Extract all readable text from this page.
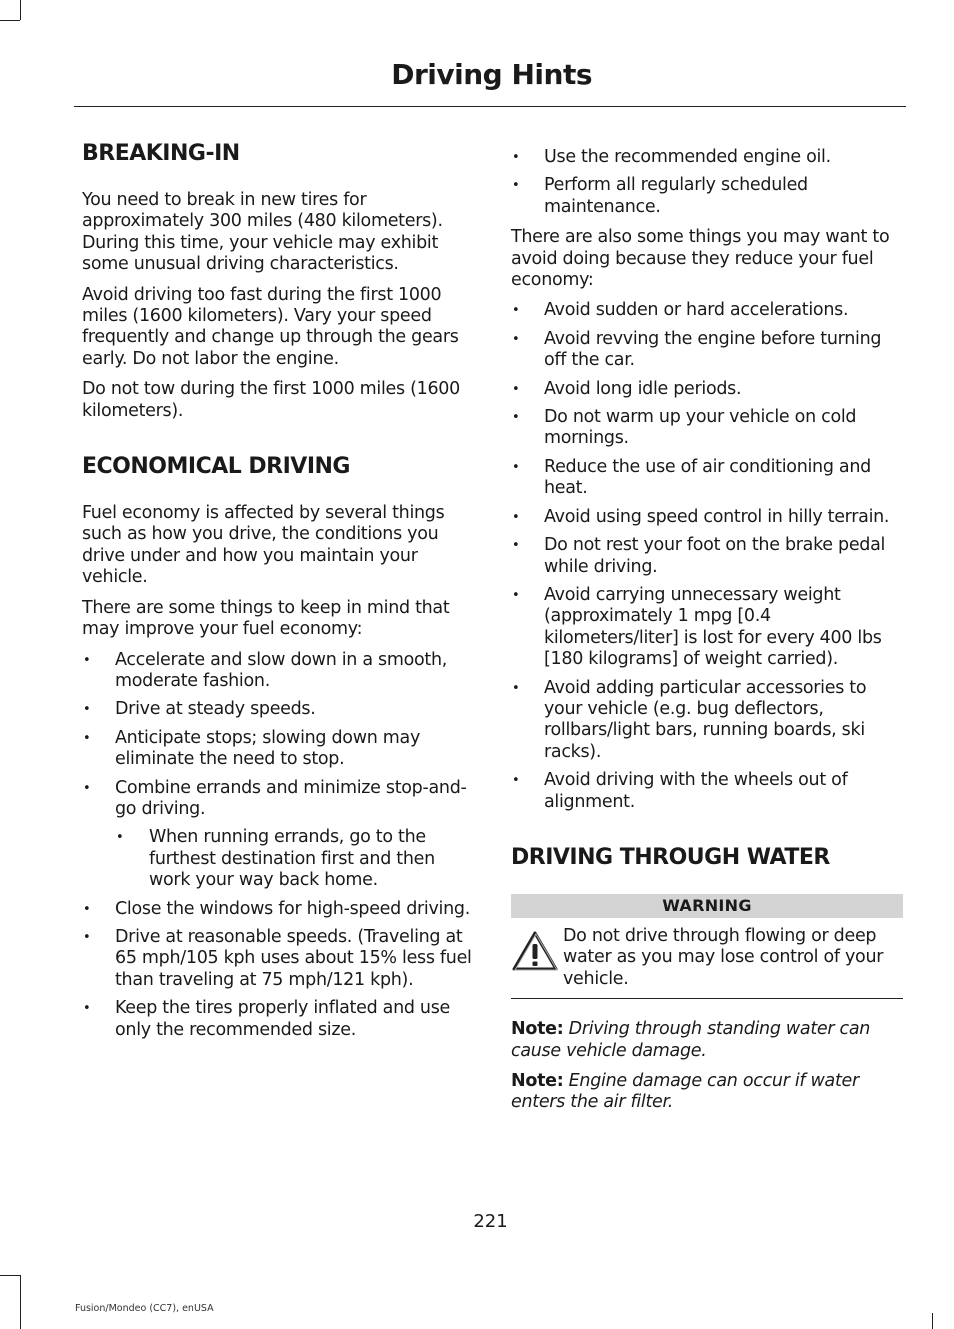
Driving Hints
BREAKING-IN

You need to break in new tires for approximately 300 miles (480 kilometers). During this time, your vehicle may exhibit some unusual driving characteristics.

Avoid driving too fast during the first 1000 miles (1600 kilometers). Vary your speed frequently and change up through the gears early. Do not labor the engine.

Do not tow during the first 1000 miles (1600 kilometers).

ECONOMICAL DRIVING

Fuel economy is affected by several things such as how you drive, the conditions you drive under and how you maintain your vehicle.

There are some things to keep in mind that may improve your fuel economy:

• Accelerate and slow down in a smooth, moderate fashion.
• Drive at steady speeds.
• Anticipate stops; slowing down may eliminate the need to stop.
• Combine errands and minimize stop-and-go driving.
• When running errands, go to the furthest destination first and then work your way back home.
• Close the windows for high-speed driving.
• Drive at reasonable speeds. (Traveling at 65 mph/105 kph uses about 15% less fuel than traveling at 75 mph/121 kph).
• Keep the tires properly inflated and use only the recommended size.
• Use the recommended engine oil.
• Perform all regularly scheduled maintenance.

There are also some things you may want to avoid doing because they reduce your fuel economy:

• Avoid sudden or hard accelerations.
• Avoid revving the engine before turning off the car.
• Avoid long idle periods.
• Do not warm up your vehicle on cold mornings.
• Reduce the use of air conditioning and heat.
• Avoid using speed control in hilly terrain.
• Do not rest your foot on the brake pedal while driving.
• Avoid carrying unnecessary weight (approximately 1 mpg [0.4 kilometers/liter] is lost for every 400 lbs [180 kilograms] of weight carried).
• Avoid adding particular accessories to your vehicle (e.g. bug deflectors, rollbars/light bars, running boards, ski racks).
• Avoid driving with the wheels out of alignment.
DRIVING THROUGH WATER
WARNING
Do not drive through flowing or deep water as you may lose control of your vehicle.

Note: Driving through standing water can cause vehicle damage.

Note: Engine damage can occur if water enters the air filter.

221
Fusion/Mondeo (CC7), enUSA
